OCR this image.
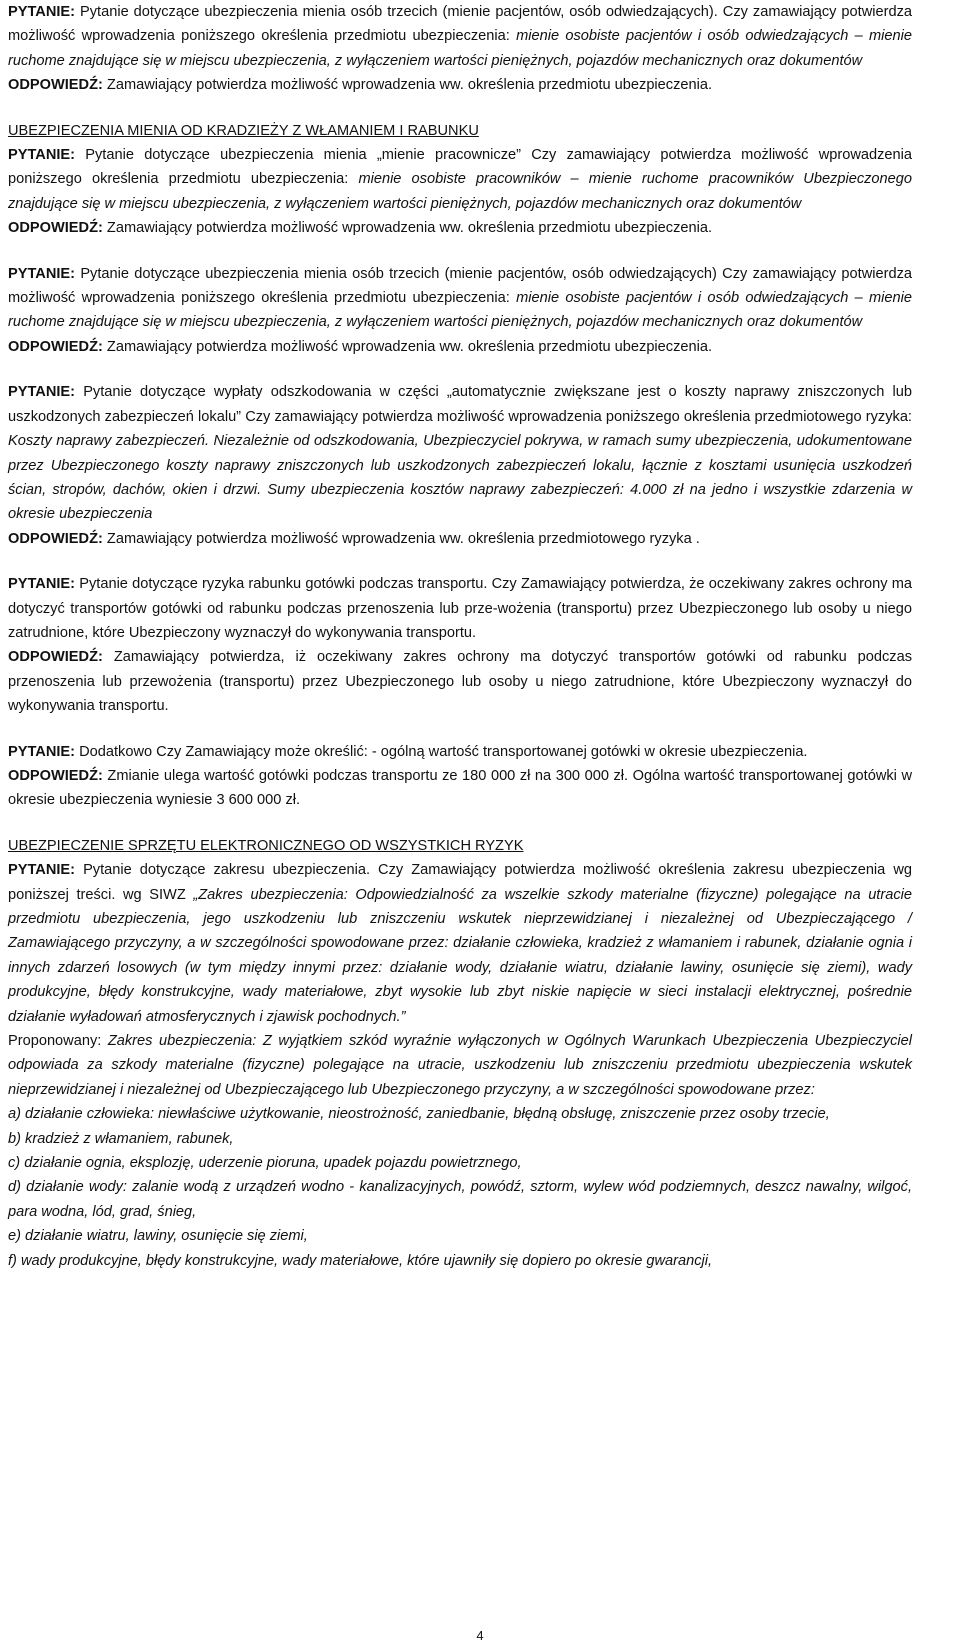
PYTANIE: Pytanie dotyczące ubezpieczenia mienia osób trzecich (mienie pacjentów, osób odwiedzających). Czy zamawiający potwierdza możliwość wprowadzenia poniższego określenia przedmiotu ubezpieczenia: mienie osobiste pacjentów i osób odwiedzających – mienie ruchome znajdujące się w miejscu ubezpieczenia, z wyłączeniem wartości pieniężnych, pojazdów mechanicznych oraz dokumentów

ODPOWIEDŹ: Zamawiający potwierdza możliwość wprowadzenia ww. określenia przedmiotu ubezpieczenia.

UBEZPIECZENIA MIENIA OD KRADZIEŻY Z WŁAMANIEM I RABUNKU

PYTANIE: Pytanie dotyczące ubezpieczenia mienia „mienie pracownicze” Czy zamawiający potwierdza możliwość wprowadzenia poniższego określenia przedmiotu ubezpieczenia: mienie osobiste pracowników – mienie ruchome pracowników Ubezpieczonego znajdujące się w miejscu ubezpieczenia, z wyłączeniem wartości pieniężnych, pojazdów mechanicznych oraz dokumentów

ODPOWIEDŹ: Zamawiający potwierdza możliwość wprowadzenia ww. określenia przedmiotu ubezpieczenia.

PYTANIE: Pytanie dotyczące ubezpieczenia mienia osób trzecich (mienie pacjentów, osób odwiedzających) Czy zamawiający potwierdza możliwość wprowadzenia poniższego określenia przedmiotu ubezpieczenia: mienie osobiste pacjentów i osób odwiedzających – mienie ruchome znajdujące się w miejscu ubezpieczenia, z wyłączeniem wartości pieniężnych, pojazdów mechanicznych oraz dokumentów

ODPOWIEDŹ: Zamawiający potwierdza możliwość wprowadzenia ww. określenia przedmiotu ubezpieczenia.

PYTANIE: Pytanie dotyczące wypłaty odszkodowania w części „automatycznie zwiększane jest o koszty naprawy zniszczonych lub uszkodzonych zabezpieczeń lokalu” Czy zamawiający potwierdza możliwość wprowadzenia poniższego określenia przedmiotowego ryzyka: Koszty naprawy zabezpieczeń. Niezależnie od odszkodowania, Ubezpieczyciel pokrywa, w ramach sumy ubezpieczenia, udokumentowane przez Ubezpieczonego koszty naprawy zniszczonych lub uszkodzonych zabezpieczeń lokalu, łącznie z kosztami usunięcia uszkodzeń ścian, stropów, dachów, okien i drzwi. Sumy ubezpieczenia kosztów naprawy zabezpieczeń: 4.000 zł na jedno i wszystkie zdarzenia w okresie ubezpieczenia

ODPOWIEDŹ: Zamawiający potwierdza możliwość wprowadzenia ww. określenia przedmiotowego ryzyka .

PYTANIE: Pytanie dotyczące ryzyka rabunku gotówki podczas transportu. Czy Zamawiający potwierdza, że oczekiwany zakres ochrony ma dotyczyć transportów gotówki od rabunku podczas przenoszenia lub prze-wożenia (transportu) przez Ubezpieczonego lub osoby u niego zatrudnione, które Ubezpieczony wyznaczył do wykonywania transportu.

ODPOWIEDŹ: Zamawiający potwierdza, iż oczekiwany zakres ochrony ma dotyczyć transportów gotówki od rabunku podczas przenoszenia lub przewożenia (transportu) przez Ubezpieczonego lub osoby u niego zatrudnione, które Ubezpieczony wyznaczył do wykonywania transportu.

PYTANIE: Dodatkowo Czy Zamawiający może określić: - ogólną wartość transportowanej gotówki w okresie ubezpieczenia.

ODPOWIEDŹ: Zmianie ulega wartość gotówki podczas transportu ze 180 000 zł na 300 000 zł. Ogólna wartość transportowanej gotówki w okresie ubezpieczenia wyniesie 3 600 000 zł.

UBEZPIECZENIE SPRZĘTU ELEKTRONICZNEGO OD WSZYSTKICH RYZYK

PYTANIE: Pytanie dotyczące zakresu ubezpieczenia. Czy Zamawiający potwierdza możliwość określenia zakresu ubezpieczenia wg poniższej treści. wg SIWZ „Zakres ubezpieczenia: Odpowiedzialność za wszelkie szkody materialne (fizyczne) polegające na utracie przedmiotu ubezpieczenia, jego uszkodzeniu lub zniszczeniu wskutek nieprzewidzianej i niezależnej od Ubezpieczającego / Zamawiającego przyczyny, a w szczególności spowodowane przez: działanie człowieka, kradzież z włamaniem i rabunek, działanie ognia i innych zdarzeń losowych (w tym między innymi przez: działanie wody, działanie wiatru, działanie lawiny, osunięcie się ziemi), wady produkcyjne, błędy konstrukcyjne, wady materiałowe, zbyt wysokie lub zbyt niskie napięcie w sieci instalacji elektrycznej, pośrednie działanie wyładowań atmosferycznych i zjawisk pochodnych.”

Proponowany: Zakres ubezpieczenia: Z wyjątkiem szkód wyraźnie wyłączonych w Ogólnych Warunkach Ubezpieczenia Ubezpieczyciel odpowiada za szkody materialne (fizyczne) polegające na utracie, uszkodzeniu lub zniszczeniu przedmiotu ubezpieczenia wskutek nieprzewidzianej i niezależnej od Ubezpieczającego lub Ubezpieczonego przyczyny, a w szczególności spowodowane przez:

a) działanie człowieka: niewłaściwe użytkowanie, nieostrożność, zaniedbanie, błędną obsługę, zniszczenie przez osoby trzecie,

b) kradzież z włamaniem, rabunek,

c) działanie ognia, eksplozję, uderzenie pioruna, upadek pojazdu powietrznego,

d) działanie wody: zalanie wodą z urządzeń wodno - kanalizacyjnych, powódź, sztorm, wylew wód podziemnych, deszcz nawalny, wilgoć, para wodna, lód, grad, śnieg,

e) działanie wiatru, lawiny, osunięcie się ziemi,

f) wady produkcyjne, błędy konstrukcyjne, wady materiałowe, które ujawniły się dopiero po okresie gwarancji,

4
